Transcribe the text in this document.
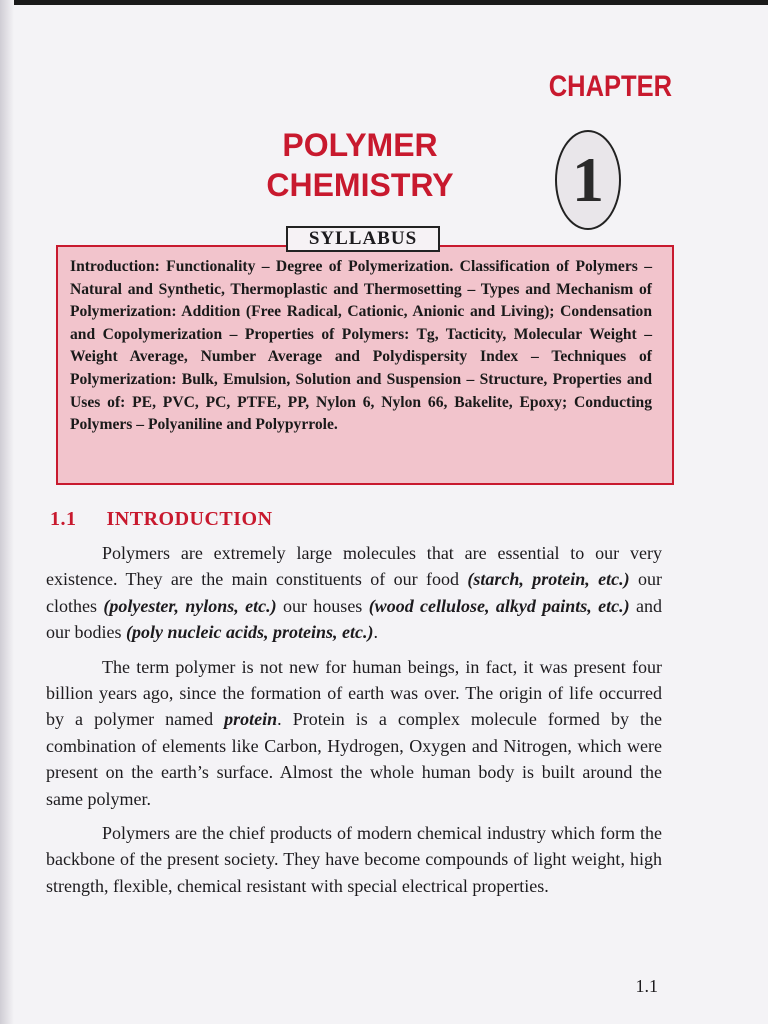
CHAPTER
1
POLYMER
CHEMISTRY
SYLLABUS
Introduction: Functionality – Degree of Polymerization. Classification of Polymers – Natural and Synthetic, Thermoplastic and Thermosetting – Types and Mechanism of Polymerization: Addition (Free Radical, Cationic, Anionic and Living); Condensation and Copolymerization – Properties of Polymers: Tg, Tacticity, Molecular Weight – Weight Average, Number Average and Polydispersity Index – Techniques of Polymerization: Bulk, Emulsion, Solution and Suspension – Structure, Properties and Uses of: PE, PVC, PC, PTFE, PP, Nylon 6, Nylon 66, Bakelite, Epoxy; Conducting Polymers – Polyaniline and Polypyrrole.
1.1 INTRODUCTION

Polymers are extremely large molecules that are essential to our very existence. They are the main constituents of our food (starch, protein, etc.) our clothes (polyester, nylons, etc.) our houses (wood cellulose, alkyd paints, etc.) and our bodies (poly nucleic acids, proteins, etc.).

The term polymer is not new for human beings, in fact, it was present four billion years ago, since the formation of earth was over. The origin of life occurred by a polymer named protein. Protein is a complex molecule formed by the combination of elements like Carbon, Hydrogen, Oxygen and Nitrogen, which were present on the earth’s surface. Almost the whole human body is built around the same polymer.

Polymers are the chief products of modern chemical industry which form the backbone of the present society. They have become compounds of light weight, high strength, flexible, chemical resistant with special electrical properties.

1.1
